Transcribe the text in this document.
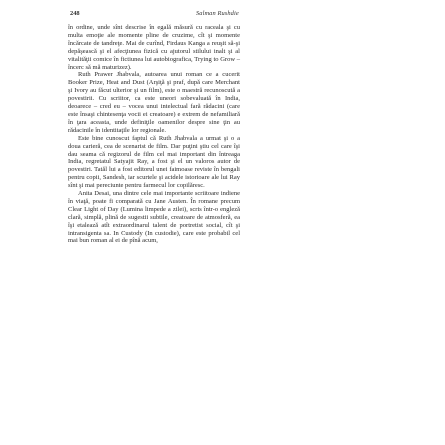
248	Salman Rushdie

în ordine, unde sînt descrise în egală măsură cu raceala şi cu multa emoţie ale momente pline de cruzime, cît şi momente încărcate de tandreţe. Mai de curînd, Firdaus Kanga a reuşit să-şi depăşească şi el afecţiunea fizică cu ajutorul stilului inalt şi al vitalităţii comice în fictiunea lui autobiografica, Trying to Grow – încerc să mă maturizez).

Ruth Prawer Jhabvala, autoarea unui roman ce a cucerit Booker Prize, Heat and Dust (Arşiţă şi praf, după care Merchant şi Ivory au făcut ulterior şi un film), este o maestră recunoscută a povestirii. Cu scriitor, ca este uneori sobevaluată în India, deoarece – cred eu – vocea unui intelectual fară rădacini (care este însaşi chintesenţa vocii ei creatoare) e extrem de nefamiliară în ţara aceasta, unde definiţile oamenilor despre sine ţin au rădacinile în identitaţile lor regionale.

Este bine cunoscut faptul că Ruth Jhabvala a urmat şi o a doua carieră, cea de scenarist de film. Dar puţini ştiu cel care îşi dau seama că regizorul de film cel mai important din întreaga India, regretatul Satyajit Ray, a fost şi el un valoros autor de povestiri. Tatăl lui a fost editorul unei faimoase reviste în bengali pentru copii, Sandesh, iar scurtele şi acidele istorioare ale lui Ray sînt şi mai pereciunte pentru farmecul lor copilăresc.

Anita Desai, una dintre cele mai importante scriitoare indiene în viaţă, poate fi comparată cu Jane Austen. În romane precum Clear Light of Day (Lumina limpede a zilei), scris într-o engleză clară, simplă, plină de sugestii subtile, creatoare de atmosferă, ea îşi etalează atît extraordinarul talent de portretist social, cît şi intransigenta sa. In Custody (In custodie), care este probabil cel mai bun roman al ei de pînă acum,
